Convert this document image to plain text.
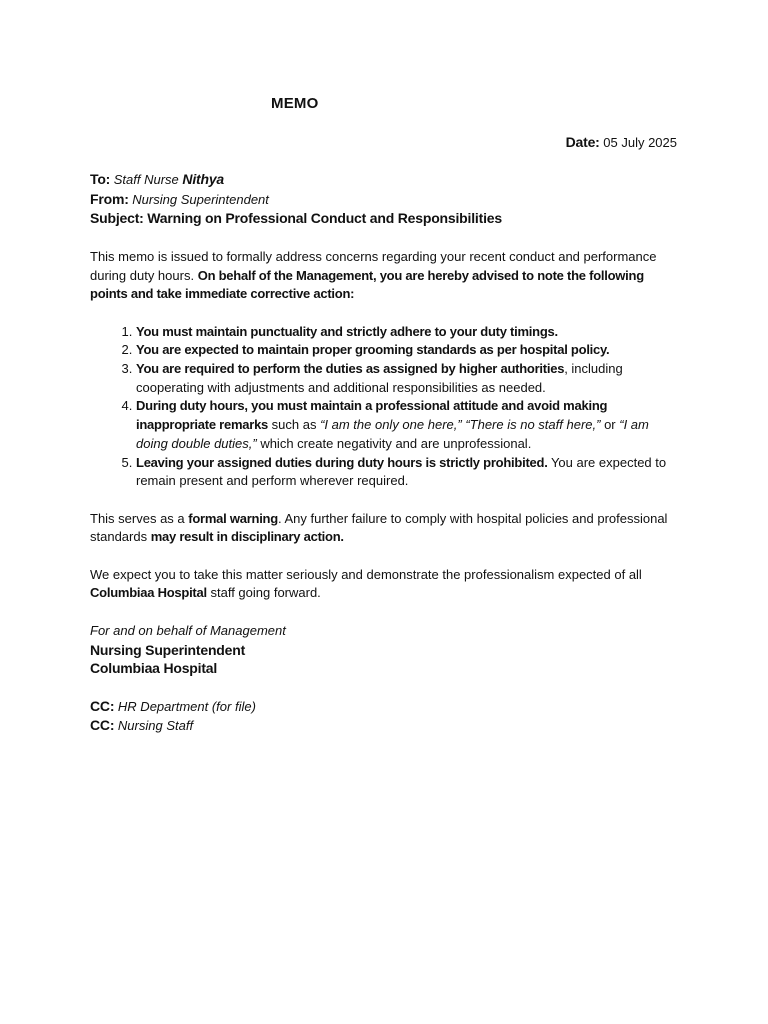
MEMO
Date: 05 July 2025

To: Staff Nurse Nithya

From: Nursing Superintendent

Subject: Warning on Professional Conduct and Responsibilities

This memo is issued to formally address concerns regarding your recent conduct and performance during duty hours. On behalf of the Management, you are hereby advised to note the following points and take immediate corrective action:

1. You must maintain punctuality and strictly adhere to your duty timings.
2. You are expected to maintain proper grooming standards as per hospital policy.
3. You are required to perform the duties as assigned by higher authorities, including cooperating with adjustments and additional responsibilities as needed.
4. During duty hours, you must maintain a professional attitude and avoid making inappropriate remarks such as “I am the only one here,” “There is no staff here,” or “I am doing double duties,” which create negativity and are unprofessional.
5. Leaving your assigned duties during duty hours is strictly prohibited. You are expected to remain present and perform wherever required.

This serves as a formal warning. Any further failure to comply with hospital policies and professional standards may result in disciplinary action.

We expect you to take this matter seriously and demonstrate the professionalism expected of all Columbiaa Hospital staff going forward.

For and on behalf of Management

Nursing Superintendent

Columbiaa Hospital

CC: HR Department (for file)

CC: Nursing Staff
